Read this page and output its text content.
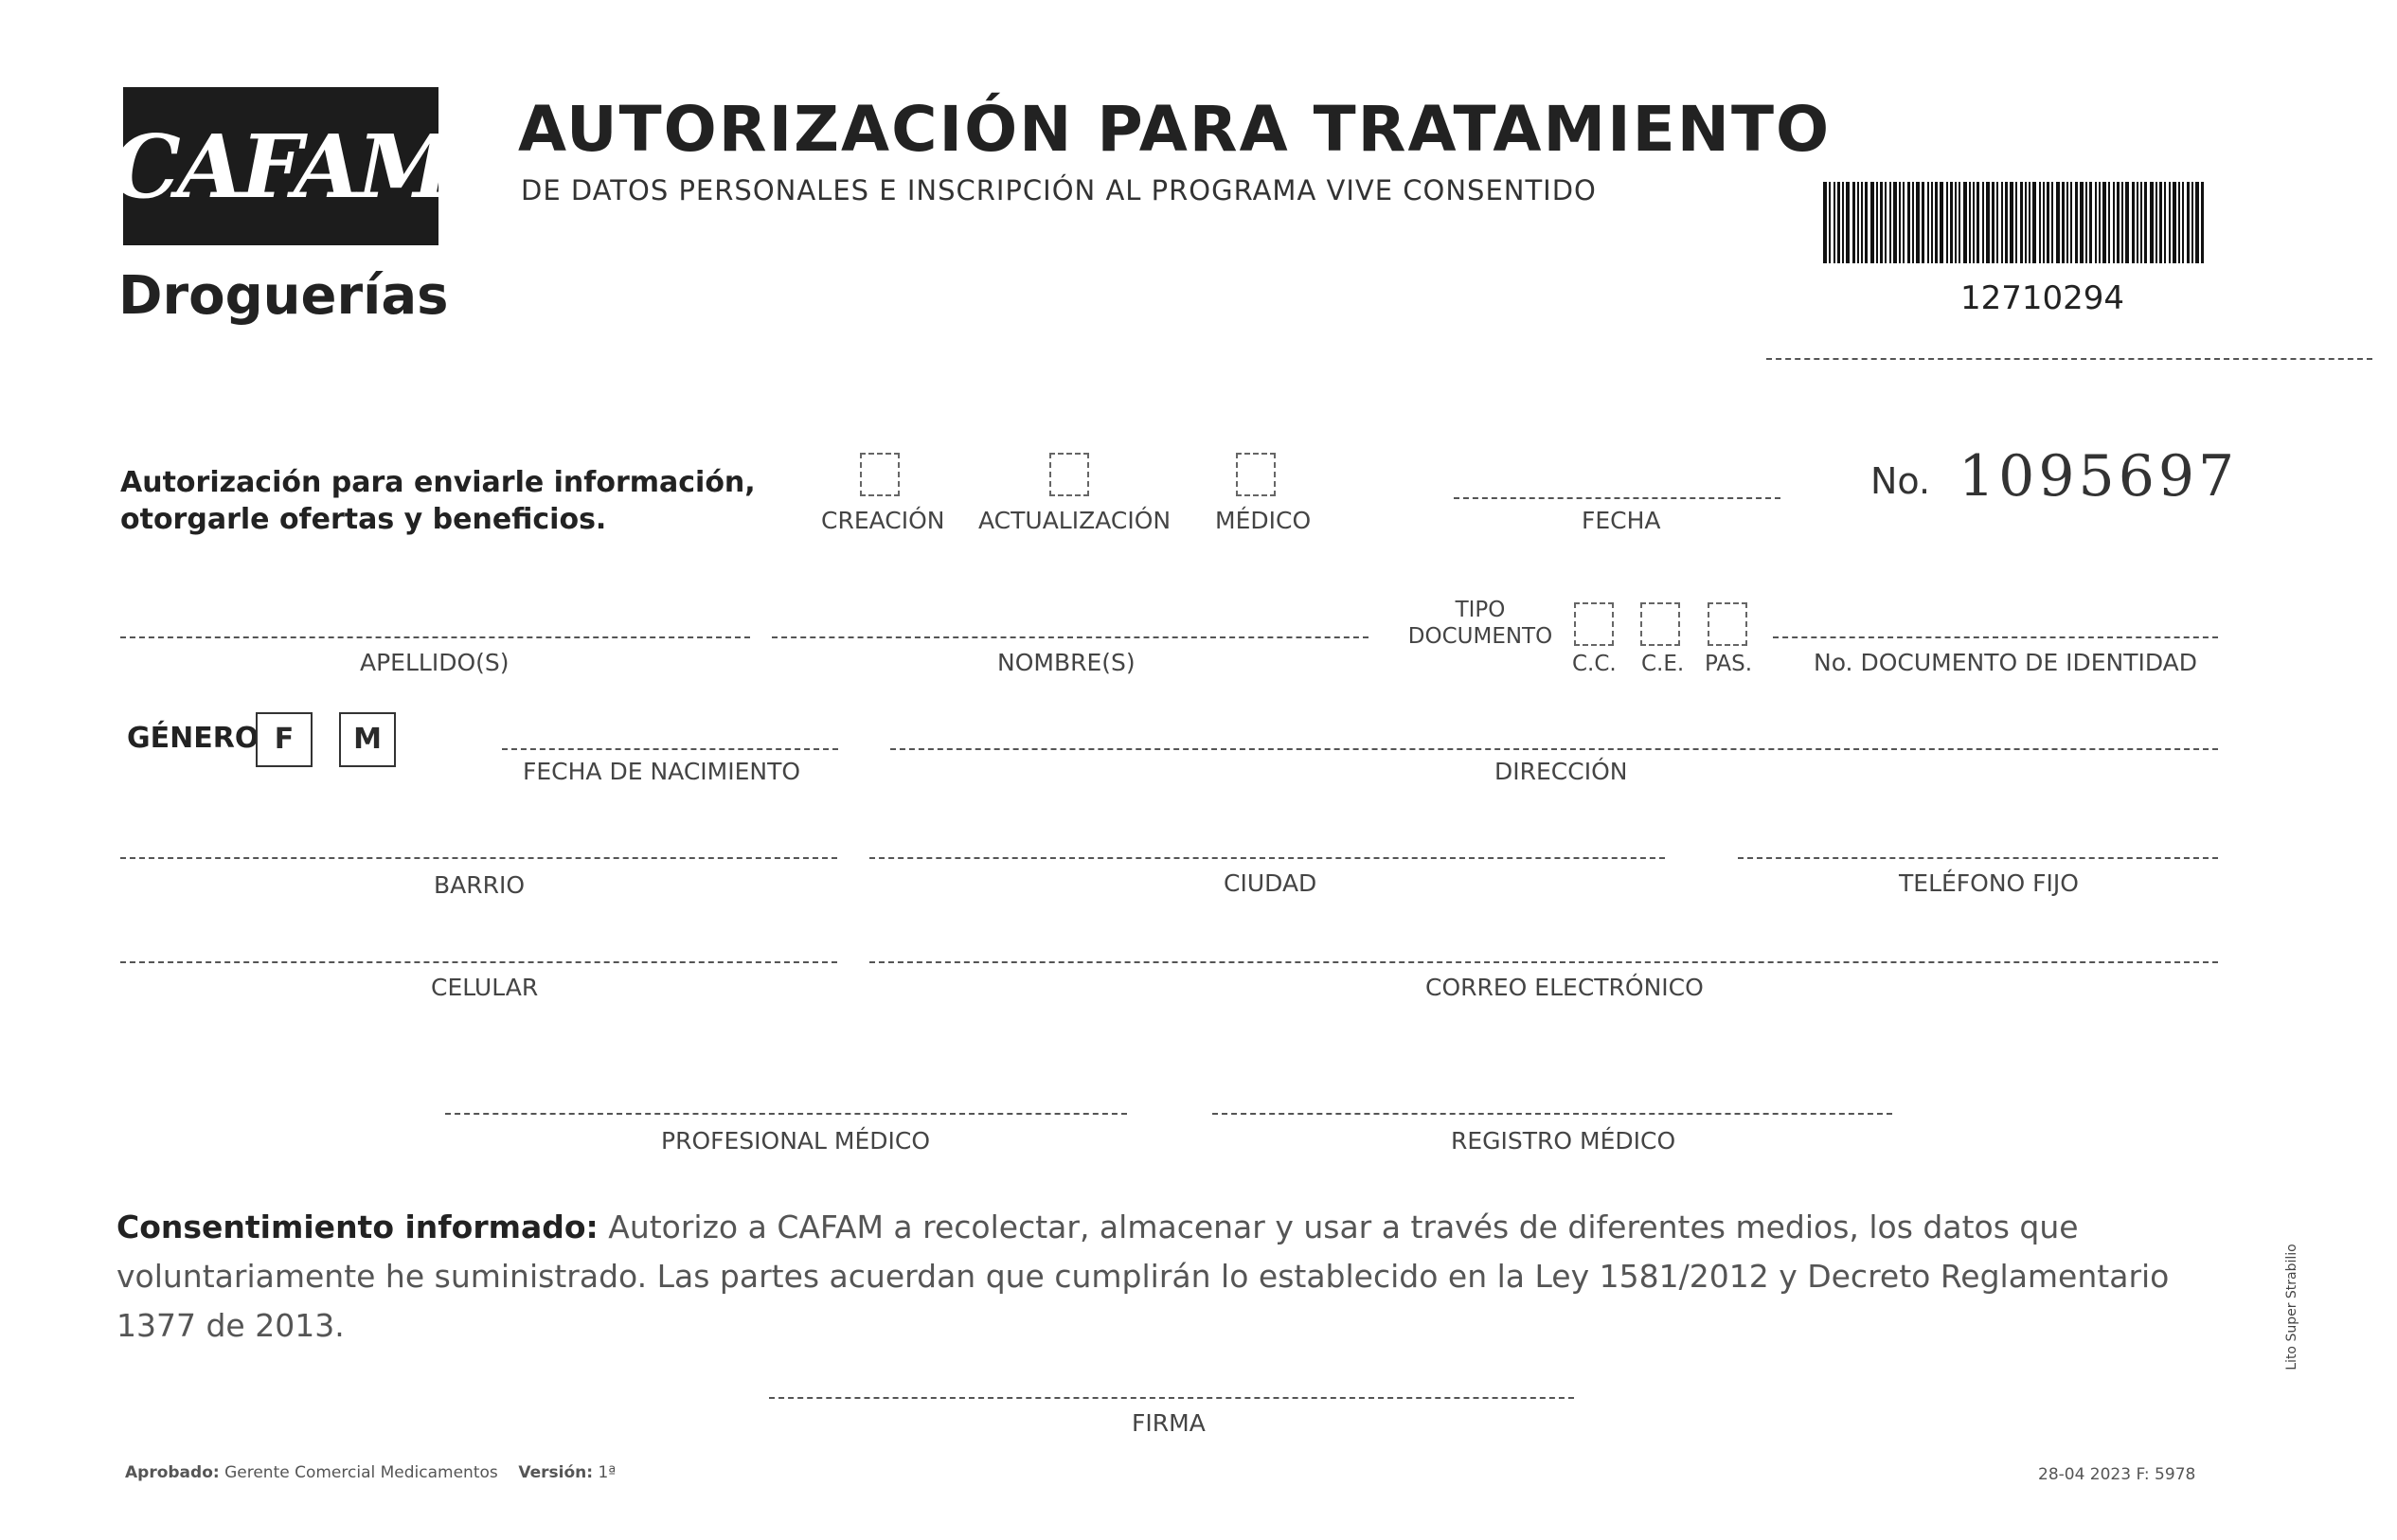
CAFAM
Droguerías
AUTORIZACIÓN PARA TRATAMIENTO
DE DATOS PERSONALES E INSCRIPCIÓN AL PROGRAMA VIVE CONSENTIDO
12710294
Autorización para enviarle información,
otorgarle ofertas y beneficios.	CREACIÓN ACTUALIZACIÓN MÉDICO	FECHA
No. 1095697
APELLIDO(S)	NOMBRE(S)
TIPO DOCUMENTO
C.C. C.E. PAS.	No. DOCUMENTO DE IDENTIDAD
GÉNERO F	M
FECHA DE NACIMIENTO	DIRECCIÓN
BARRIO	CIUDAD	TELÉFONO FIJO
CELULAR	CORREO ELECTRÓNICO
PROFESIONAL MÉDICO	REGISTRO MÉDICO
Consentimiento informado: Autorizo a CAFAM a recolectar, almacenar y usar a través de diferentes medios, los datos que voluntariamente he suministrado. Las partes acuerdan que cumplirán lo establecido en la Ley 1581/2012 y Decreto Reglamentario 1377 de 2013.
FIRMA
Aprobado: Gerente Comercial Medicamentos Versión: 1ª	28-04 2023 F: 5978
Lito Super Strabilio
